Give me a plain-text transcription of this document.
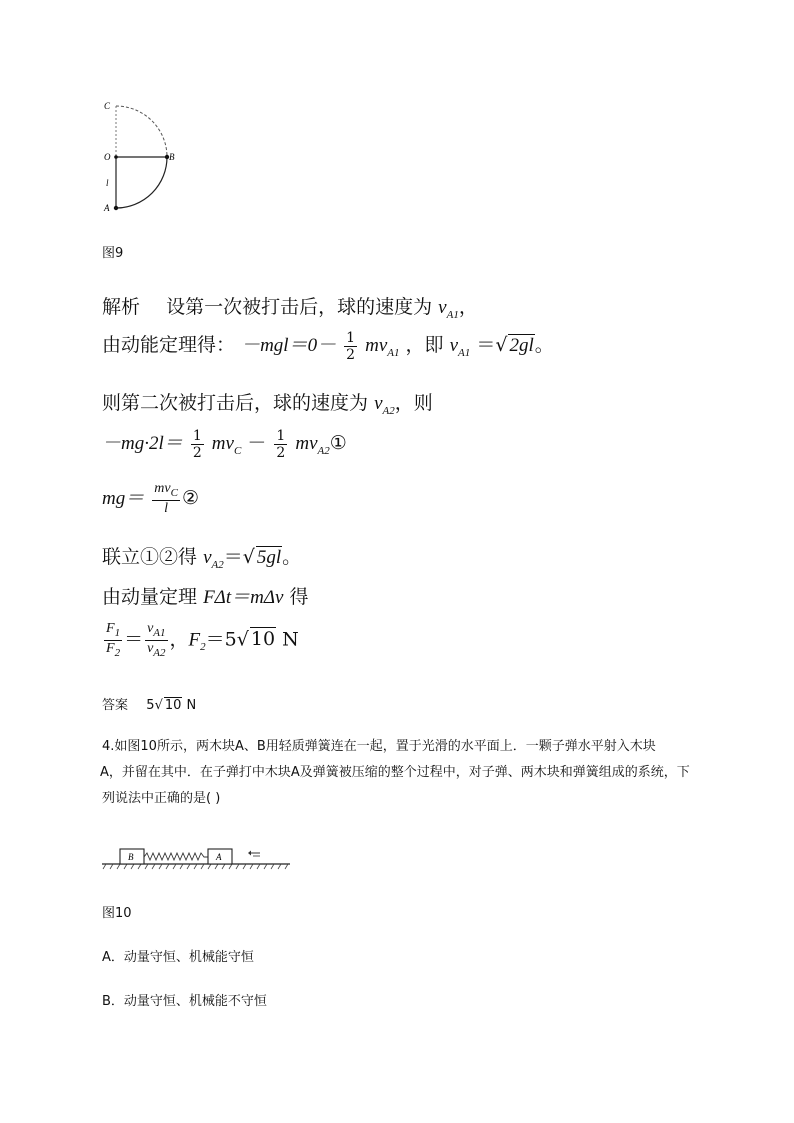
C
O	B
l
A
图9
解析 设第一次被打击后，球的速度为 $v_{A1}$，
由动能定理得： $-mgl=0- \frac{1}{2} mv_{A1}$ ，即 $v_{A1}$ ＝√ 2gl。
则第二次被打击后，球的速度为 $v_{A2}$，则
$-mg\cdot 2l= \frac{1}{2} mv_C - \frac{1}{2}$ $mv_{A2}①$
$mg= \frac{mv_C}{l}$ ②
联立①②得 $v_{A2}=√$ 5gl。
由动量定理 FΔt＝mΔv 得
$\frac{F_1}{F_2} = \frac{v_{A1}}{v_{A2}}$ ，$F_2=5√$ 10 N
答案 5√ 10 N
4.如图10所示，两木块A、B用轻质弹簧连在一起，置于光滑的水平面上．一颗子弹水平射入木块
A，并留在其中．在子弹打中木块A及弹簧被压缩的整个过程中，对子弹、两木块和弹簧组成的系统，下
列说法中正确的是( )
B	A
图10
A．动量守恒、机械能守恒
B．动量守恒、机械能不守恒
